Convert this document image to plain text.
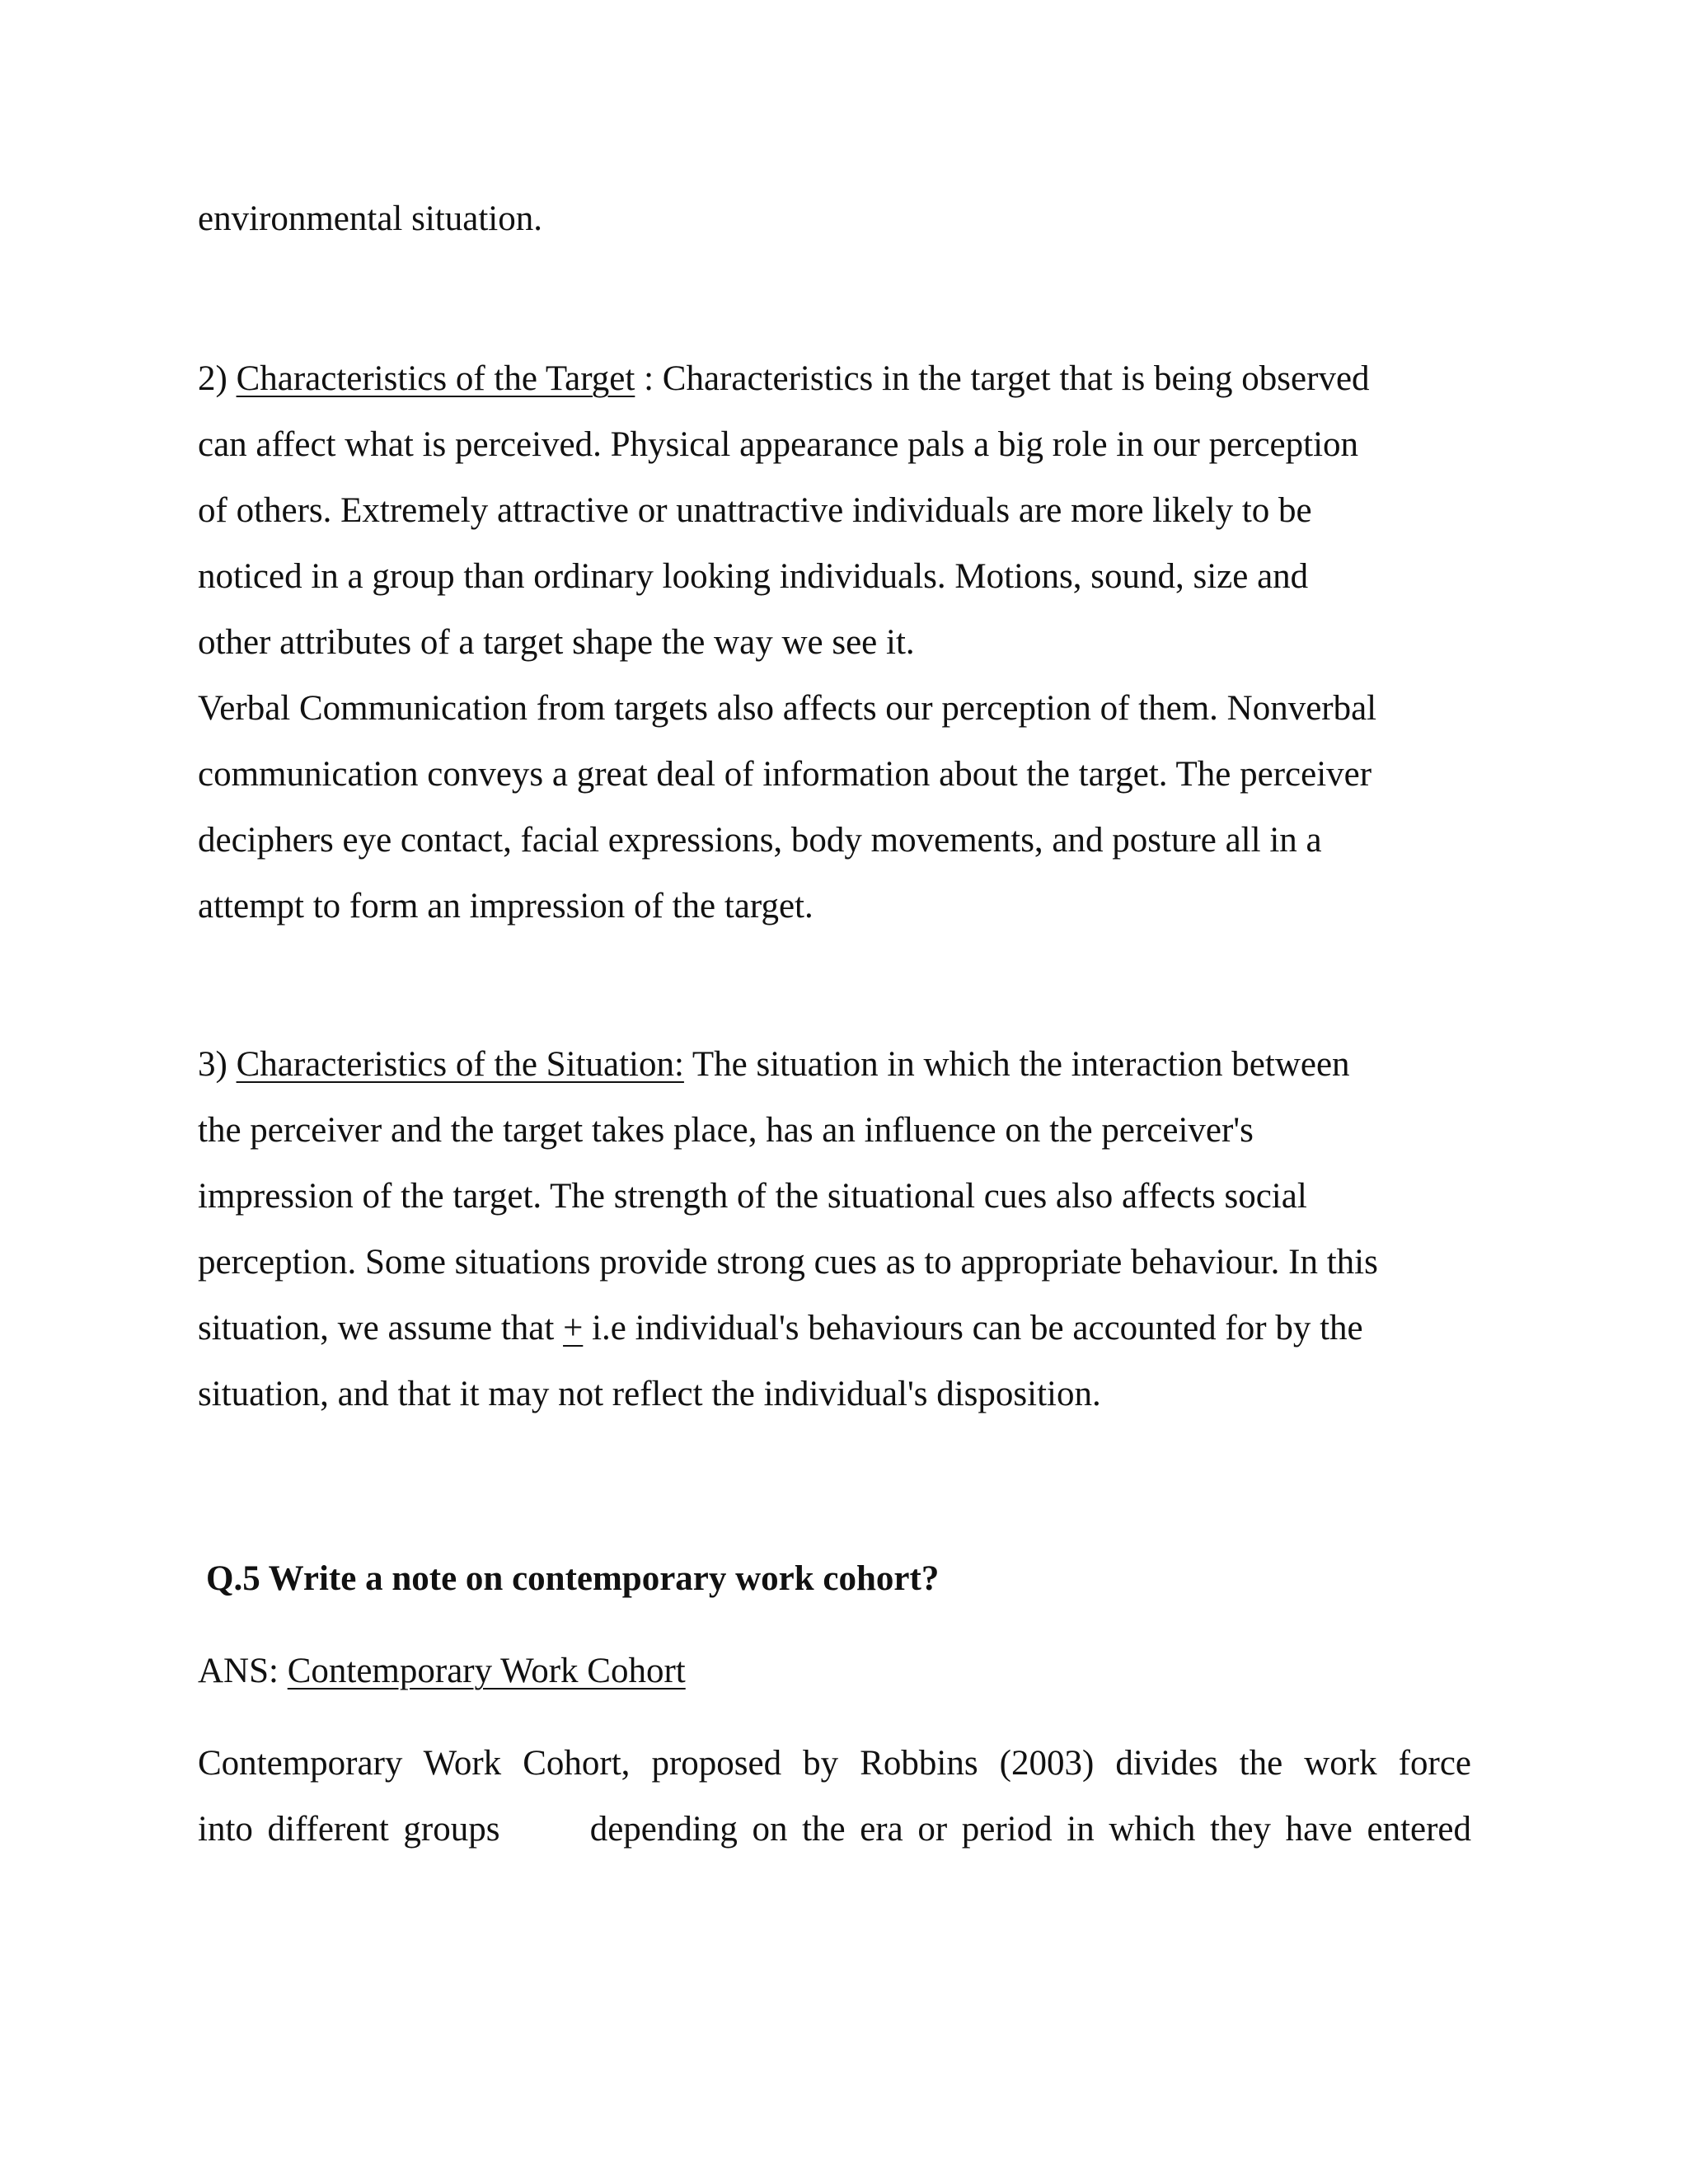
environmental situation.

2) Characteristics of the Target : Characteristics in the target that is being observed

can affect what is perceived. Physical appearance pals a big role in our perception

of others. Extremely attractive or unattractive individuals are more likely to be

noticed in a group than ordinary looking individuals. Motions, sound, size and

other attributes of a target shape the way we see it.

Verbal Communication from targets also affects our perception of them. Nonverbal

communication conveys a great deal of information about the target. The perceiver

deciphers eye contact, facial expressions, body movements, and posture all in a

attempt to form an impression of the target.

3) Characteristics of the Situation: The situation in which the interaction between

the perceiver and the target takes place, has an influence on the perceiver's

impression of the target. The strength of the situational cues also affects social

perception. Some situations provide strong cues as to appropriate behaviour. In this

situation, we assume that + i.e individual's behaviours can be accounted for by the

situation, and that it may not reflect the individual's disposition.

Q.5 Write a note on contemporary work cohort?

ANS: Contemporary Work Cohort

Contemporary Work Cohort, proposed by Robbins (2003) divides the work force

into different groups	depending on the era or period in which they have entered
